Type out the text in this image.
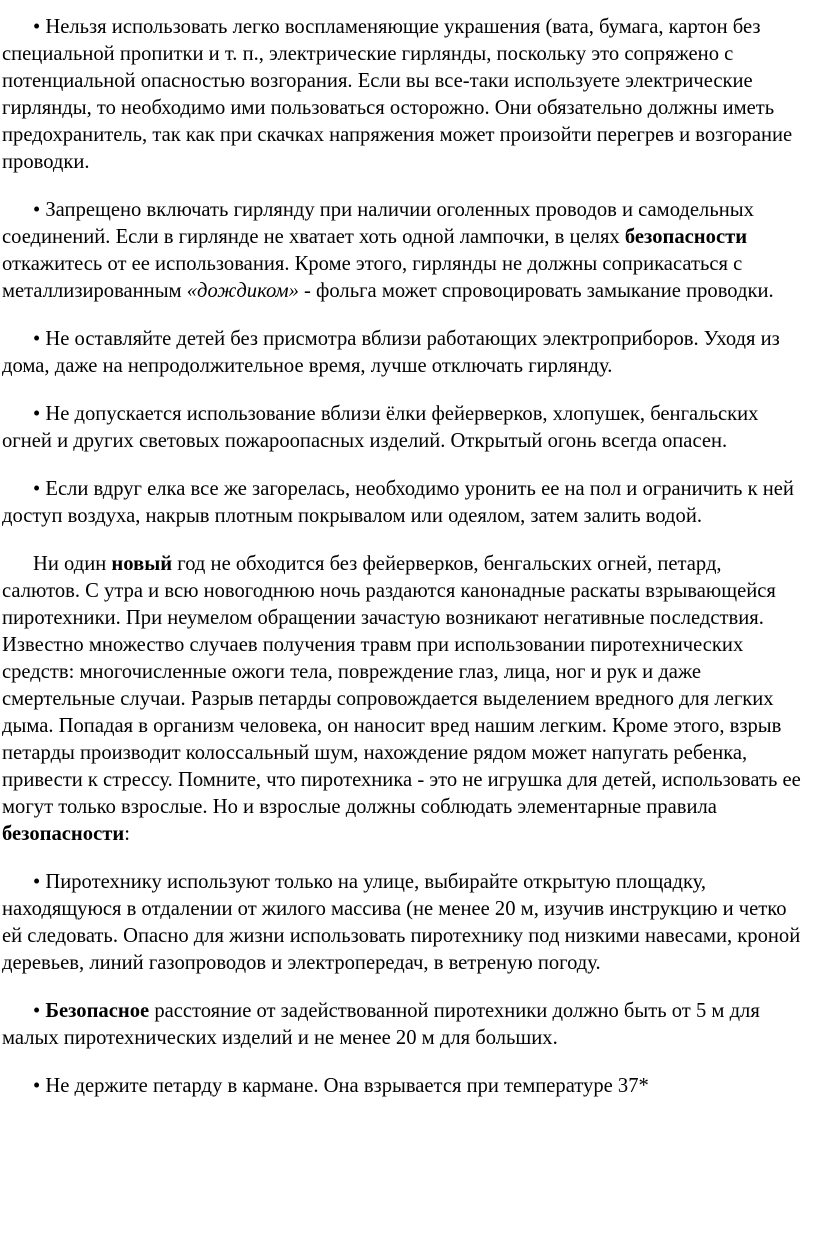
• Нельзя использовать легко воспламеняющие украшения (вата, бумага, картон без специальной пропитки и т. п., электрические гирлянды, поскольку это сопряжено с потенциальной опасностью возгорания. Если вы все-таки используете электрические гирлянды, то необходимо ими пользоваться осторожно. Они обязательно должны иметь предохранитель, так как при скачках напряжения может произойти перегрев и возгорание проводки.

• Запрещено включать гирлянду при наличии оголенных проводов и самодельных соединений. Если в гирлянде не хватает хоть одной лампочки, в целях безопасности откажитесь от ее использования. Кроме этого, гирлянды не должны соприкасаться с металлизированным «дождиком» - фольга может спровоцировать замыкание проводки.

• Не оставляйте детей без присмотра вблизи работающих электроприборов. Уходя из дома, даже на непродолжительное время, лучше отключать гирлянду.

• Не допускается использование вблизи ёлки фейерверков, хлопушек, бенгальских огней и других световых пожароопасных изделий. Открытый огонь всегда опасен.

• Если вдруг елка все же загорелась, необходимо уронить ее на пол и ограничить к ней доступ воздуха, накрыв плотным покрывалом или одеялом, затем залить водой.

Ни один новый год не обходится без фейерверков, бенгальских огней, петард, салютов. С утра и всю новогоднюю ночь раздаются канонадные раскаты взрывающейся пиротехники. При неумелом обращении зачастую возникают негативные последствия. Известно множество случаев получения травм при использовании пиротехнических средств: многочисленные ожоги тела, повреждение глаз, лица, ног и рук и даже смертельные случаи. Разрыв петарды сопровождается выделением вредного для легких дыма. Попадая в организм человека, он наносит вред нашим легким. Кроме этого, взрыв петарды производит колоссальный шум, нахождение рядом может напугать ребенка, привести к стрессу. Помните, что пиротехника - это не игрушка для детей, использовать ее могут только взрослые. Но и взрослые должны соблюдать элементарные правила безопасности:

• Пиротехнику используют только на улице, выбирайте открытую площадку, находящуюся в отдалении от жилого массива (не менее 20 м, изучив инструкцию и четко ей следовать. Опасно для жизни использовать пиротехнику под низкими навесами, кроной деревьев, линий газопроводов и электропередач, в ветреную погоду.

• Безопасное расстояние от задействованной пиротехники должно быть от 5 м для малых пиротехнических изделий и не менее 20 м для больших.

• Не держите петарду в кармане. Она взрывается при температуре 37*
